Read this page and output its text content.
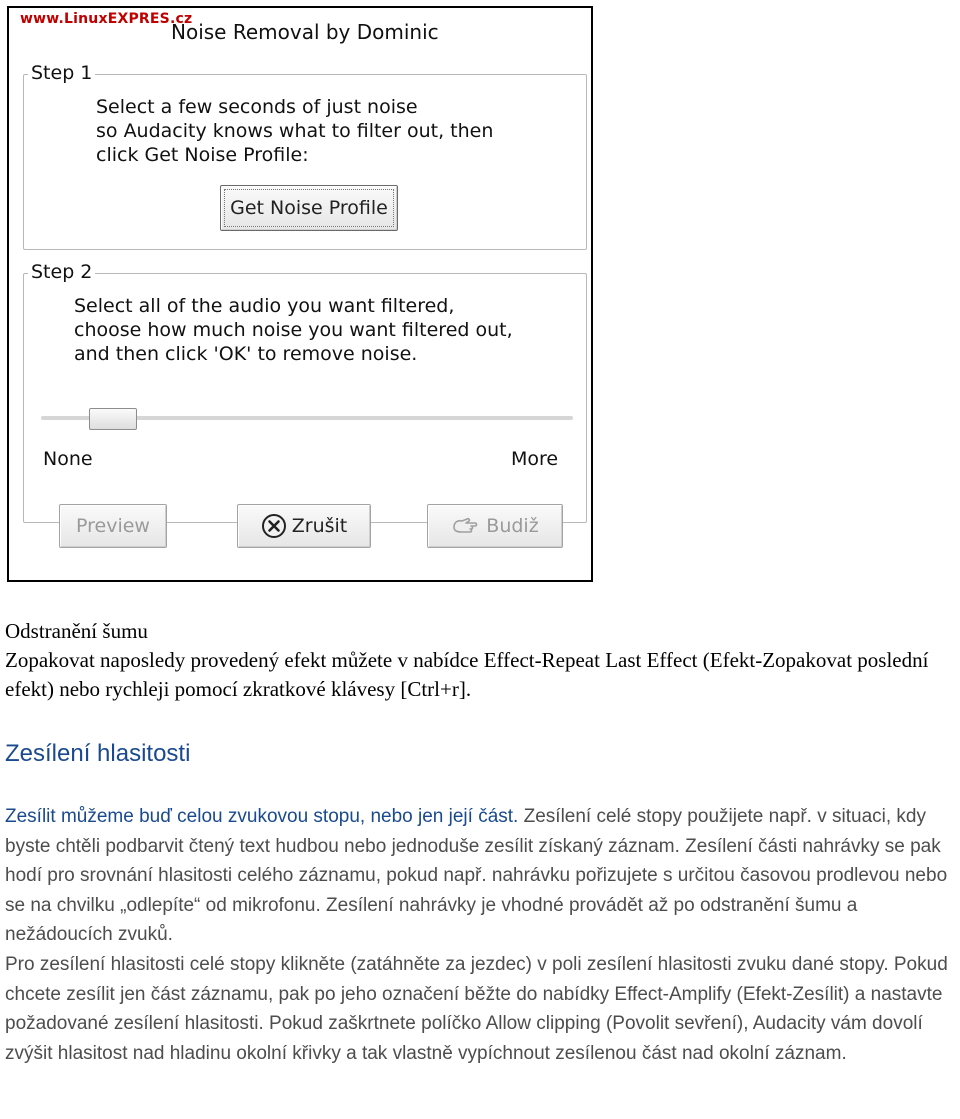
www.LinuxEXPRES.cz
Noise Removal by Dominic
Step 1

Select a few seconds of just noise
so Audacity knows what to filter out, then
click Get Noise Profile:

Get Noise Profile
Step 2

Select all of the audio you want filtered,
choose how much noise you want filtered out,
and then click 'OK' to remove noise.

None	More
Preview	Zrušit	Budiž

Odstranění šumu

Zopakovat naposledy provedený efekt můžete v nabídce Effect-Repeat Last Effect (Efekt-Zopakovat poslední efekt) nebo rychleji pomocí zkratkové klávesy [Ctrl+r].

Zesílení hlasitosti

Zesílit můžeme buď celou zvukovou stopu, nebo jen její část. Zesílení celé stopy použijete např. v situaci, kdy byste chtěli podbarvit čtený text hudbou nebo jednoduše zesílit získaný záznam. Zesílení části nahrávky se pak hodí pro srovnání hlasitosti celého záznamu, pokud např. nahrávku pořizujete s určitou časovou prodlevou nebo se na chvilku „odlepíte“ od mikrofonu. Zesílení nahrávky je vhodné provádět až po odstranění šumu a nežádoucích zvuků.

Pro zesílení hlasitosti celé stopy klikněte (zatáhněte za jezdec) v poli zesílení hlasitosti zvuku dané stopy. Pokud chcete zesílit jen část záznamu, pak po jeho označení běžte do nabídky Effect-Amplify (Efekt-Zesílit) a nastavte požadované zesílení hlasitosti. Pokud zaškrtnete políčko Allow clipping (Povolit sevření), Audacity vám dovolí zvýšit hlasitost nad hladinu okolní křivky a tak vlastně vypíchnout zesílenou část nad okolní záznam.
